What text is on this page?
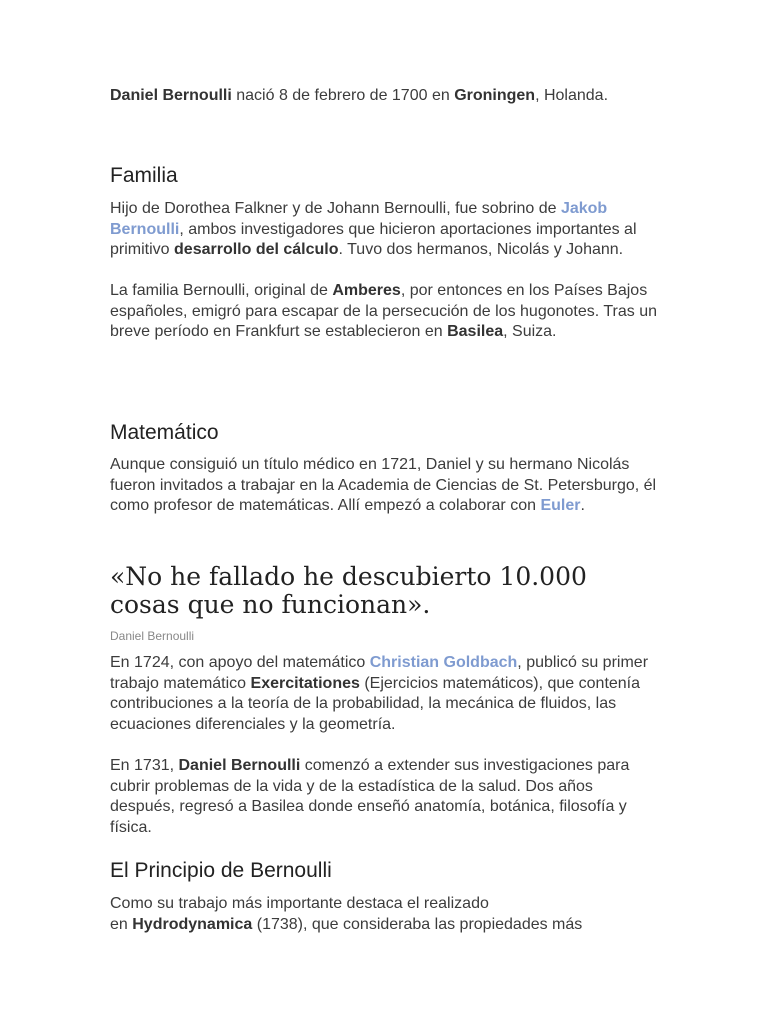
Daniel Bernoulli nació 8 de febrero de 1700 en Groningen, Holanda.

Familia

Hijo de Dorothea Falkner y de Johann Bernoulli, fue sobrino de Jakob Bernoulli, ambos investigadores que hicieron aportaciones importantes al primitivo desarrollo del cálculo. Tuvo dos hermanos, Nicolás y Johann.

La familia Bernoulli, original de Amberes, por entonces en los Países Bajos españoles, emigró para escapar de la persecución de los hugonotes. Tras un breve período en Frankfurt se establecieron en Basilea, Suiza.

Matemático

Aunque consiguió un título médico en 1721, Daniel y su hermano Nicolás fueron invitados a trabajar en la Academia de Ciencias de St. Petersburgo, él como profesor de matemáticas. Allí empezó a colaborar con Euler.

«No he fallado he descubierto 10.000

cosas que no funcionan».

Daniel Bernoulli

En 1724, con apoyo del matemático Christian Goldbach, publicó su primer trabajo matemático Exercitationes (Ejercicios matemáticos), que contenía contribuciones a la teoría de la probabilidad, la mecánica de fluidos, las ecuaciones diferenciales y la geometría.

En 1731, Daniel Bernoulli comenzó a extender sus investigaciones para cubrir problemas de la vida y de la estadística de la salud. Dos años después, regresó a Basilea donde enseñó anatomía, botánica, filosofía y física.

El Principio de Bernoulli

Como su trabajo más importante destaca el realizado

en Hydrodynamica (1738), que consideraba las propiedades más
